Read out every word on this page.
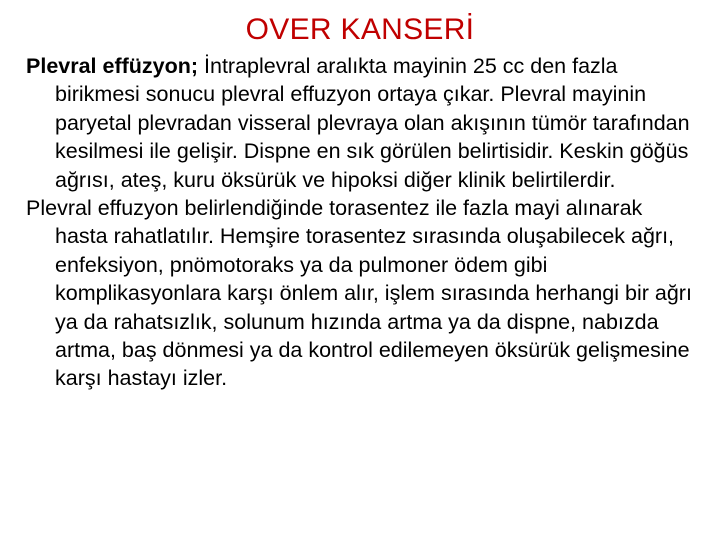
OVER KANSERİ

Plevral effüzyon; İntraplevral aralıkta mayinin 25 cc den fazla birikmesi sonucu plevral effuzyon ortaya çıkar. Plevral mayinin paryetal plevradan visseral plevraya olan akışının tümör tarafından kesilmesi ile gelişir. Dispne en sık görülen belirtisidir. Keskin göğüs ağrısı, ateş, kuru öksürük ve hipoksi diğer klinik belirtilerdir.

Plevral effuzyon belirlendiğinde torasentez ile fazla mayi alınarak hasta rahatlatılır. Hemşire torasentez sırasında oluşabilecek ağrı, enfeksiyon, pnömotoraks ya da pulmoner ödem gibi komplikasyonlara karşı önlem alır, işlem sırasında herhangi bir ağrı ya da rahatsızlık, solunum hızında artma ya da dispne, nabızda artma, baş dönmesi ya da kontrol edilemeyen öksürük gelişmesine karşı hastayı izler.
